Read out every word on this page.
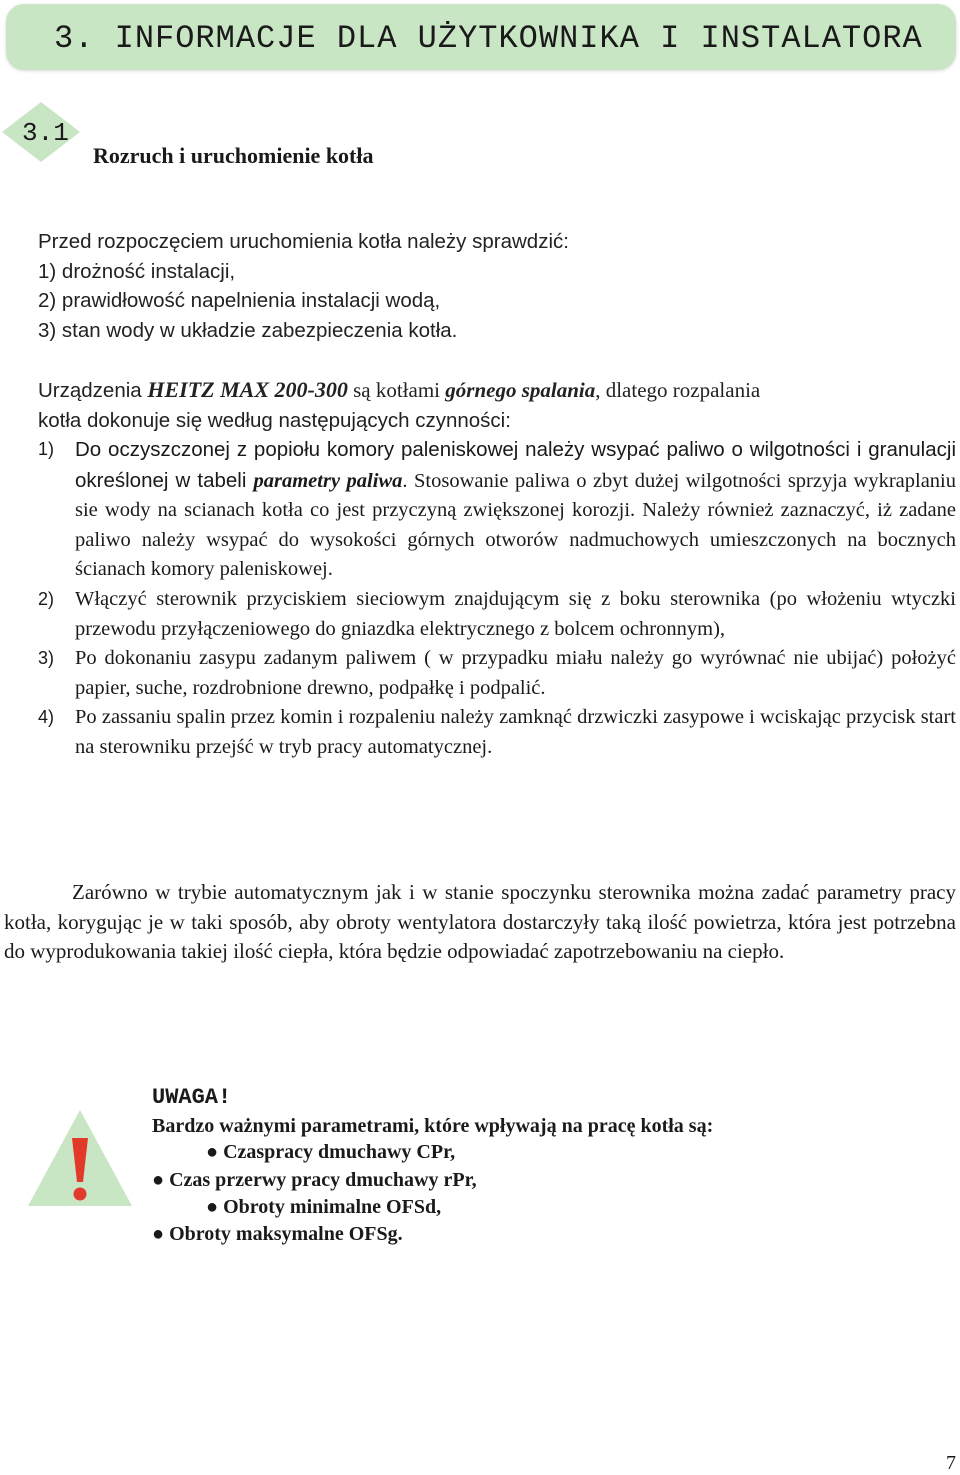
3. INFORMACJE DLA UŻYTKOWNIKA I INSTALATORA
3.1
Rozruch i uruchomienie kotła
Przed rozpoczęciem uruchomienia kotła należy sprawdzić:
1) drożność instalacji,
2) prawidłowość napelnienia instalacji wodą,
3) stan wody w układzie zabezpieczenia kotła.
Urządzenia HEITZ MAX 200-300 są kotłami górnego spalania, dlatego rozpalania
kotła dokonuje się według następujących czynności:
1) Do oczyszczonej z popiołu komory paleniskowej należy wsypać paliwo o wilgotności i granulacji określonej w tabeli parametry paliwa. Stosowanie paliwa o zbyt dużej wilgotności sprzyja wykraplaniu sie wody na scianach kotła co jest przyczyną zwiększonej korozji. Należy również zaznaczyć, iż zadane paliwo należy wsypać do wysokości górnych otworów nadmuchowych umieszczonych na bocznych ścianach komory paleniskowej.
2) Włączyć sterownik przyciskiem sieciowym znajdującym się z boku sterownika (po włożeniu wtyczki przewodu przyłączeniowego do gniazdka elektrycznego z bolcem ochronnym),
3) Po dokonaniu zasypu zadanym paliwem ( w przypadku miału należy go wyrównać nie ubijać) położyć papier, suche, rozdrobnione drewno, podpałkę i podpalić.
4) Po zassaniu spalin przez komin i rozpaleniu należy zamknąć drzwiczki zasypowe i wciskając przycisk start na sterowniku przejść w tryb pracy automatycznej.
Zarówno w trybie automatycznym jak i w stanie spoczynku sterownika można zadać parametry pracy kotła, korygując je w taki sposób, aby obroty wentylatora dostarczyły taką ilość powietrza, która jest potrzebna do wyprodukowania takiej ilość ciepła, która będzie odpowiadać zapotrzebowaniu na ciepło.
UWAGA!
Bardzo ważnymi parametrami, które wpływają na pracę kotła są:
● Czaspracy dmuchawy CPr,
● Czas przerwy pracy dmuchawy rPr,
● Obroty minimalne OFSd,
● Obroty maksymalne OFSg.
7
